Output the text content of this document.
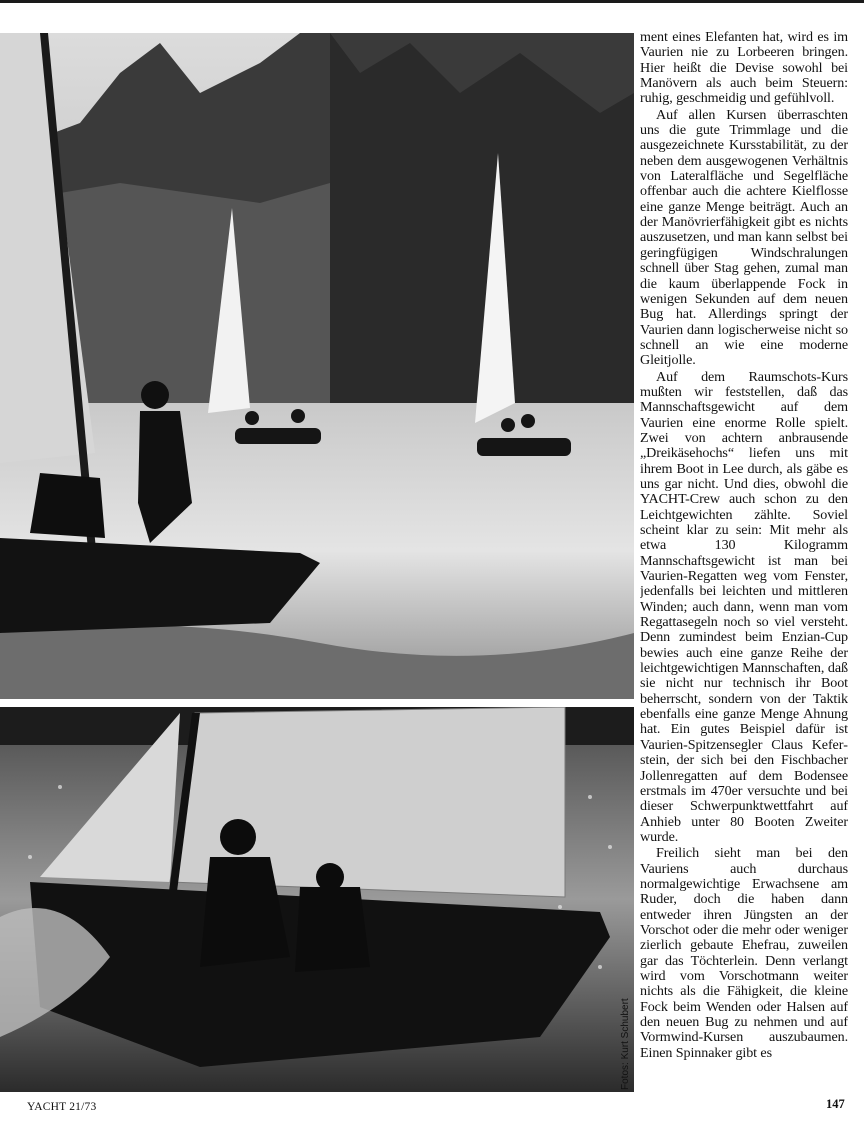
ment eines Elefanten hat, wird es im Vaurien nie zu Lorbeeren bringen. Hier heißt die Devise sowohl bei Manövern als auch beim Steuern: ruhig, geschmeidig und gefühlvoll.

Auf allen Kursen überraschten uns die gute Trimmlage und die ausgezeichnete Kursstabilität, zu der neben dem ausgewogenen Verhältnis von Lateralfläche und Segelfläche offenbar auch die achtere Kielflosse eine ganze Menge beiträgt. Auch an der Manövrierfähigkeit gibt es nichts auszusetzen, und man kann selbst bei geringfügigen Windschralungen schnell über Stag gehen, zumal man die kaum überlappende Fock in wenigen Sekunden auf dem neuen Bug hat. Allerdings springt der Vaurien dann logischerweise nicht so schnell an wie eine moderne Gleitjolle.

Auf dem Raumschots-Kurs mußten wir feststellen, daß das Mannschaftsgewicht auf dem Vaurien eine enorme Rolle spielt. Zwei von achtern anbrausende „Dreikäsehochs“ liefen uns mit ihrem Boot in Lee durch, als gäbe es uns gar nicht. Und dies, obwohl die YACHT-Crew auch schon zu den Leichtgewichten zählte. Soviel scheint klar zu sein: Mit mehr als etwa 130 Kilogramm Mannschaftsgewicht ist man bei Vaurien-Regatten weg vom Fenster, jedenfalls bei leichten und mittleren Winden; auch dann, wenn man vom Regattasegeln noch so viel versteht. Denn zumindest beim Enzian-Cup bewies auch eine ganze Reihe der leichtgewichtigen Mannschaften, daß sie nicht nur technisch ihr Boot beherrscht, sondern von der Taktik ebenfalls eine ganze Menge Ahnung hat. Ein gutes Beispiel dafür ist Vaurien-Spitzensegler Claus Keferstein, der sich bei den Fischbacher Jollenregatten auf dem Bodensee erstmals im 470er versuchte und bei dieser Schwerpunktwettfahrt auf Anhieb unter 80 Booten Zweiter wurde.

Freilich sieht man bei den Vauriens auch durchaus normalgewichtige Erwachsene am Ruder, doch die haben dann entweder ihren Jüngsten an der Vorschot oder die mehr oder weniger zierlich gebaute Ehefrau, zuweilen gar das Töchterlein. Denn verlangt wird vom Vorschotmann weiter nichts als die Fähigkeit, die kleine Fock beim Wenden oder Halsen auf den neuen Bug zu nehmen und auf Vormwind-Kursen auszubaumen. Einen Spinnaker gibt es

Fotos: Kurt Schubert
YACHT 21/73	147
